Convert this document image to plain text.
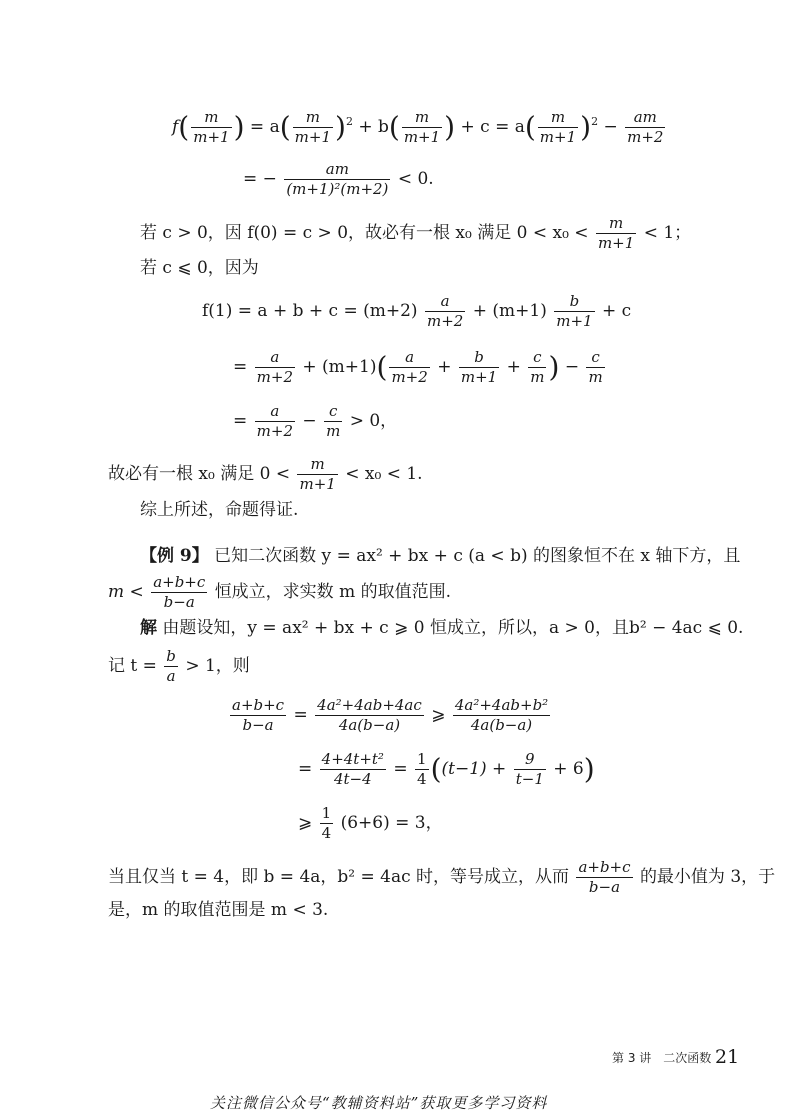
$f( \frac{m}{m+1}$ ) = $a( \frac{m}{m+1} )^2 + b( \frac{m}{m+1}$ ) + $c = a( \frac{m}{m+1} )^2 - \frac{am}{m+2}$
= − $\frac{am}{\text{(m+1)²(m+2)}} < 0$.
若 c > 0，因 f(0) = c > 0，故必有一根 x₀ 满足 $0 < x_0 < \frac{m}{m+1} < 1$；
若 c ⩽ 0，因为
$f(1) = a + b + c = (m+2) \frac{a}{m+2} + (m+1) \frac{b}{m+1} + c$
= $\frac{a}{m+2} + (m+1)( \frac{a}{m+2} + \frac{b}{m+1} + \frac{c}{m}$ ) − $\frac{c}{m}$
= $\frac{a}{m+2} - \frac{c}{m} > 0$，
故必有一根 x₀ 满足 $0 < \frac{m}{m+1} < x_0 < 1$.
综上所述，命题得证.
【例 9】 已知二次函数 y = ax² + bx + c (a < b) 的图象恒不在 x 轴下方，且
$m < \frac{a+b+c}{b-a}$ 恒成立，求实数 m 的取值范围.
解 由题设知，y = ax² + bx + c ⩾ 0 恒成立，所以，a > 0，且b² − 4ac ⩽ 0.
记 $t = \frac{b}{a} > 1$，则
$\frac{a+b+c}{b-a} = \frac{\text{4a²+4ab+4ac}}{4a(b-a)}$ ⩾ $\frac{\text{4a²+4ab+b²}}{4a(b-a)}$
= $\frac{\text{4+4t+t²}}{4t-4} = \frac{1}{4} ((t-1) + \frac{9}{t-1} + 6)$
⩾ $\frac{1}{4} (6+6) = 3$，
当且仅当 t = 4，即 b = 4a，b² = 4ac 时，等号成立，从而 $\frac{a+b+c}{b-a}$ 的最小值为 3，于
是，m 的取值范围是 m < 3.
第 3 讲　二次函数 21
关注微信公众号“教辅资料站”获取更多学习资料
